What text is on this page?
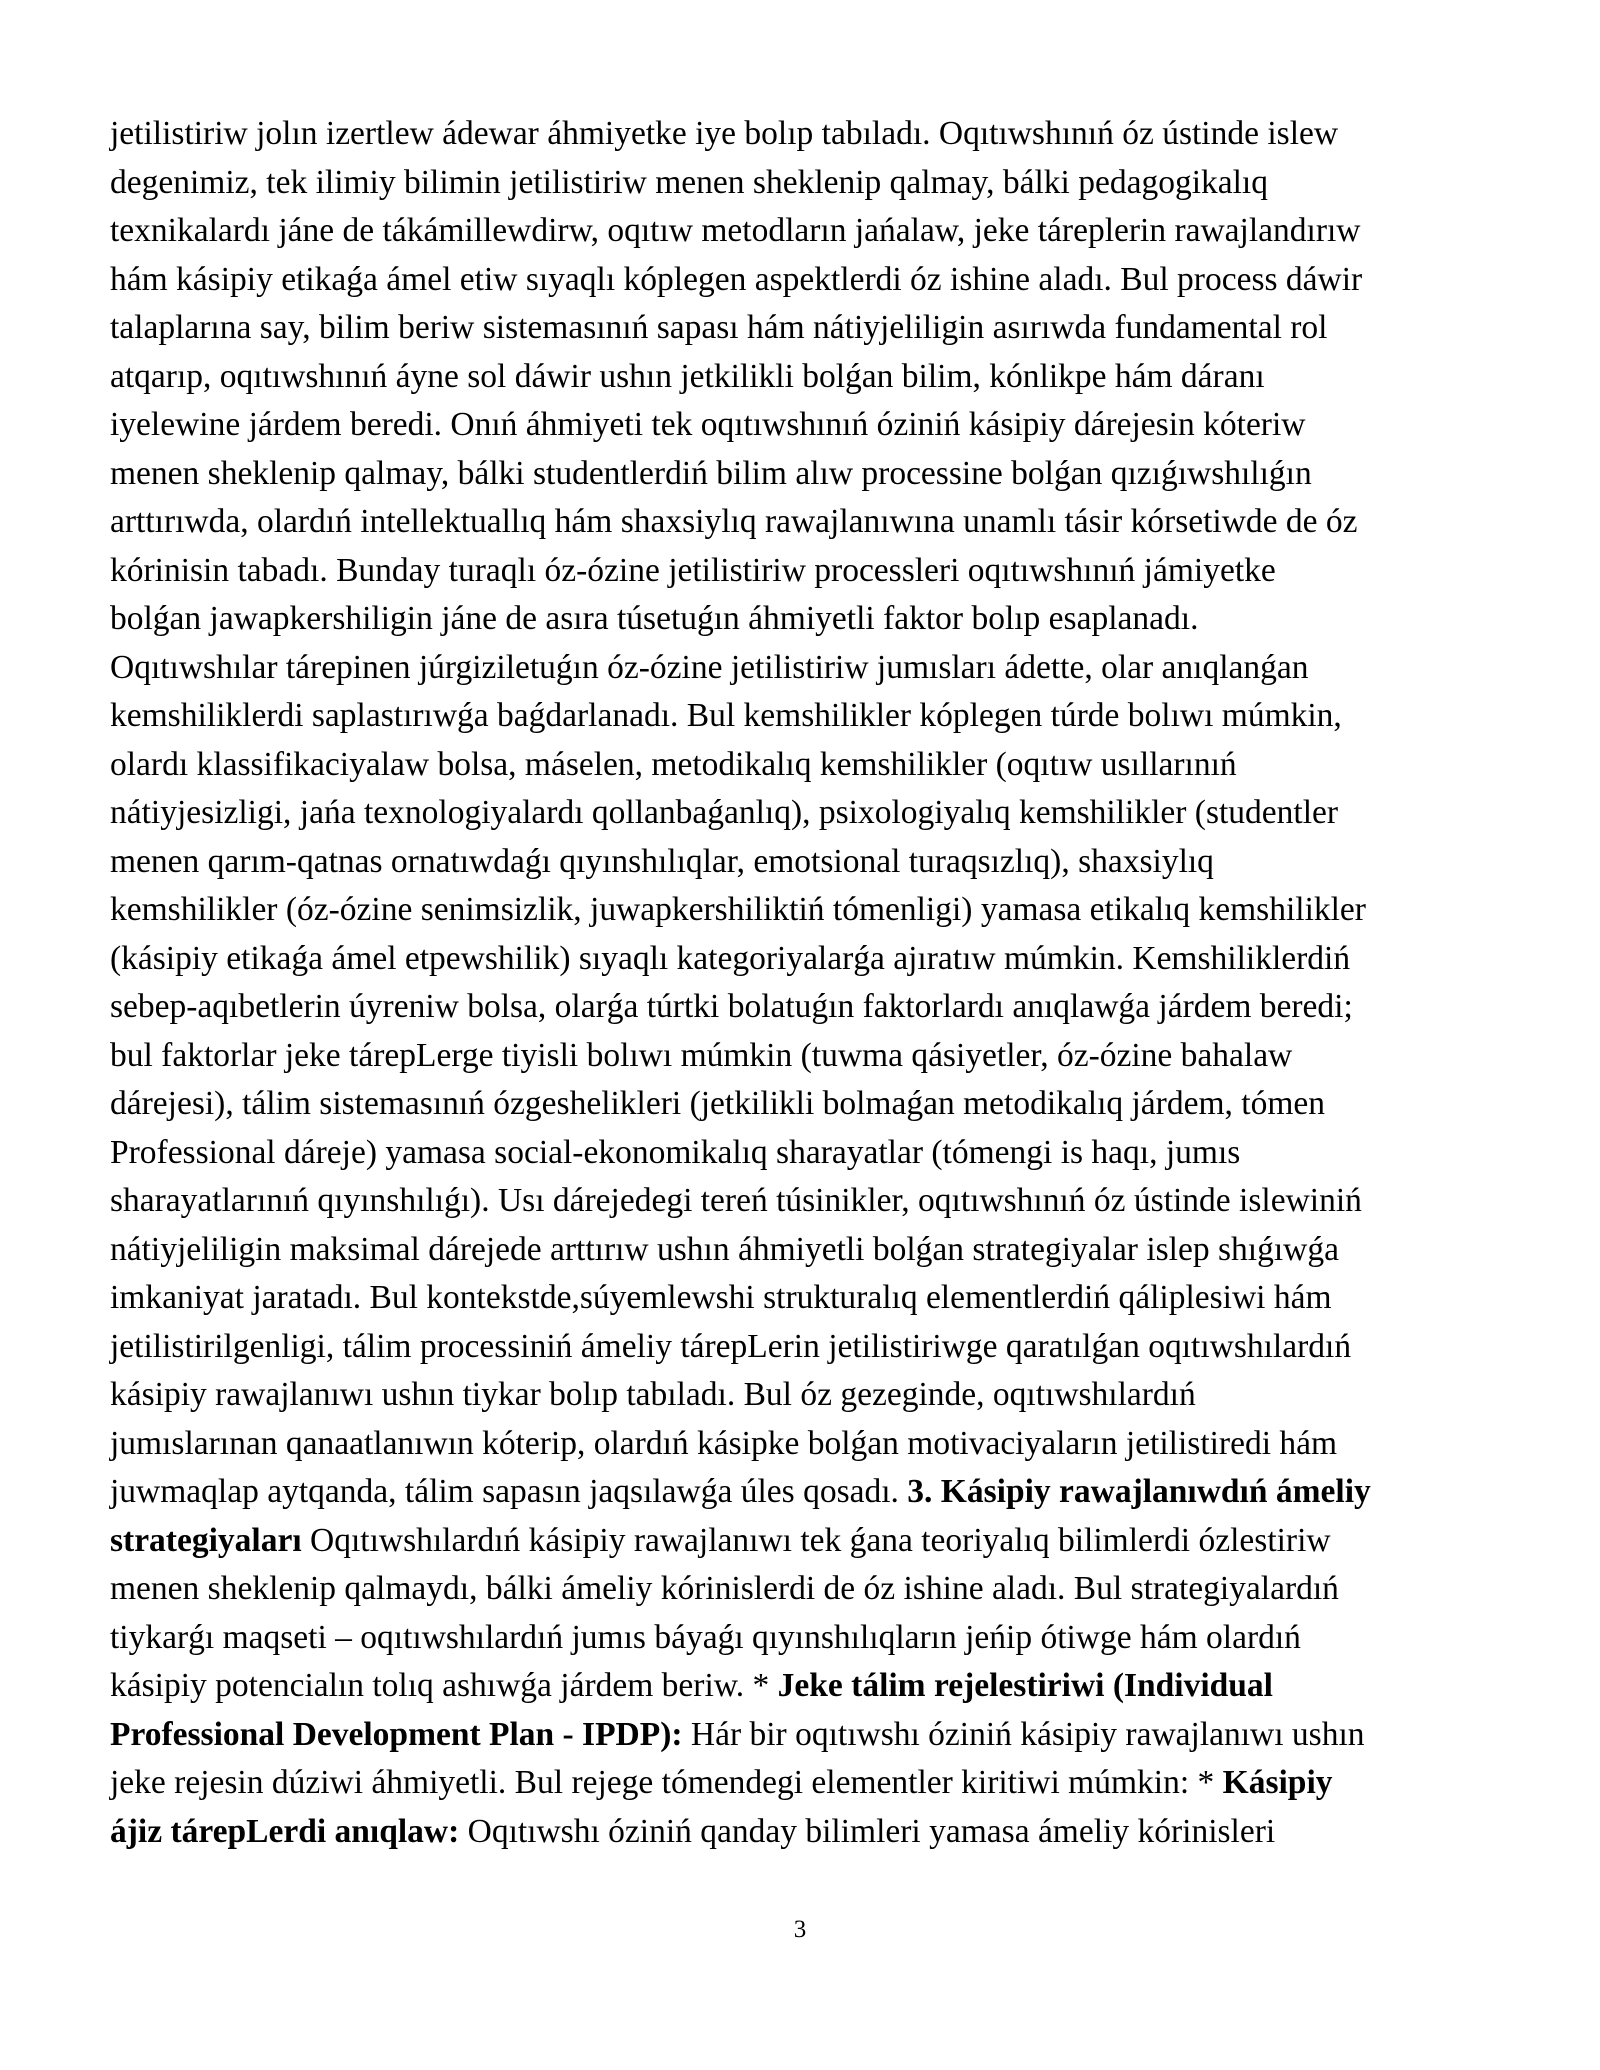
jetilistiriw jolın izertlew ádewar áhmiyetke iye bolıp tabıladı. Oqıtıwshınıń óz ústinde islew
degenimiz, tek ilimiy bilimin jetilistiriw menen sheklenip qalmay, bálki pedagogikalıq
texnikalardı jáne de tákámillewdirw, oqıtıw metodların jańalaw, jeke táreplerin rawajlandırıw
hám kásipiy etikaǵa ámel etiw sıyaqlı kóplegen aspektlerdi óz ishine aladı. Bul process dáwir
talaplarına say, bilim beriw sistemasınıń sapası hám nátiyjeliligin asırıwda fundamental rol
atqarıp, oqıtıwshınıń áyne sol dáwir ushın jetkilikli bolǵan bilim, kónlikpe hám dáranı
iyelewine járdem beredi. Onıń áhmiyeti tek oqıtıwshınıń óziniń kásipiy dárejesin kóteriw
menen sheklenip qalmay, bálki studentlerdiń bilim alıw processine bolǵan qızıǵıwshılıǵın
arttırıwda, olardıń intellektuallıq hám shaxsiylıq rawajlanıwına unamlı tásir kórsetiwde de óz
kórinisin tabadı. Bunday turaqlı óz-ózine jetilistiriw processleri oqıtıwshınıń jámiyetke
bolǵan jawapkershiligin jáne de asıra túsetuǵın áhmiyetli faktor bolıp esaplanadı.
Oqıtıwshılar tárepinen júrgiziletuǵın óz-ózine jetilistiriw jumısları ádette, olar anıqlanǵan
kemshiliklerdi saplastırıwǵa baǵdarlanadı. Bul kemshilikler kóplegen túrde bolıwı múmkin,
olardı klassifikaciyalaw bolsa, máselen, metodikalıq kemshilikler (oqıtıw usıllarınıń
nátiyjesizligi, jańa texnologiyalardı qollanbaǵanlıq), psixologiyalıq kemshilikler (studentler
menen qarım-qatnas ornatıwdaǵı qıyınshılıqlar, emotsional turaqsızlıq), shaxsiylıq
kemshilikler (óz-ózine senimsizlik, juwapkershiliktiń tómenligi) yamasa etikalıq kemshilikler
(kásipiy etikaǵa ámel etpewshilik) sıyaqlı kategoriyalarǵa ajıratıw múmkin. Kemshiliklerdiń
sebep-aqıbetlerin úyreniw bolsa, olarǵa túrtki bolatuǵın faktorlardı anıqlawǵa járdem beredi;
bul faktorlar jeke tárepLerge tiyisli bolıwı múmkin (tuwma qásiyetler, óz-ózine bahalaw
dárejesi), tálim sistemasınıń ózgeshelikleri (jetkilikli bolmaǵan metodikalıq járdem, tómen
Professional dáreje) yamasa social-ekonomikalıq sharayatlar (tómengi is haqı, jumıs
sharayatlarınıń qıyınshılıǵı). Usı dárejedegi tereń túsinikler, oqıtıwshınıń óz ústinde islewiniń
nátiyjeliligin maksimal dárejede arttırıw ushın áhmiyetli bolǵan strategiyalar islep shıǵıwǵa
imkaniyat jaratadı. Bul kontekstde,súyemlewshi strukturalıq elementlerdiń qáliplesiwi hám
jetilistirilgenligi, tálim processiniń ámeliy tárepLerin jetilistiriwge qaratılǵan oqıtıwshılardıń
kásipiy rawajlanıwı ushın tiykar bolıp tabıladı. Bul óz gezeginde, oqıtıwshılardıń
jumıslarınan qanaatlanıwın kóterip, olardıń kásipke bolǵan motivaciyaların jetilistiredi hám
juwmaqlap aytqanda, tálim sapasın jaqsılawǵa úles qosadı. 3. Kásipiy rawajlanıwdıń ámeliy
strategiyaları Oqıtıwshılardıń kásipiy rawajlanıwı tek ǵana teoriyalıq bilimlerdi ózlestiriw
menen sheklenip qalmaydı, bálki ámeliy kórinislerdi de óz ishine aladı. Bul strategiyalardıń
tiykarǵı maqseti – oqıtıwshılardıń jumıs báyaǵı qıyınshılıqların jeńip ótiwge hám olardıń
kásipiy potencialın tolıq ashıwǵa járdem beriw. * Jeke tálim rejelestiriwi (Individual
Professional Development Plan - IPDP): Hár bir oqıtıwshı óziniń kásipiy rawajlanıwı ushın
jeke rejesin dúziwi áhmiyetli. Bul rejege tómendegi elementler kiritiwi múmkin: * Kásipiy
ájiz tárepLerdi anıqlaw: Oqıtıwshı óziniń qanday bilimleri yamasa ámeliy kórinisleri
3
